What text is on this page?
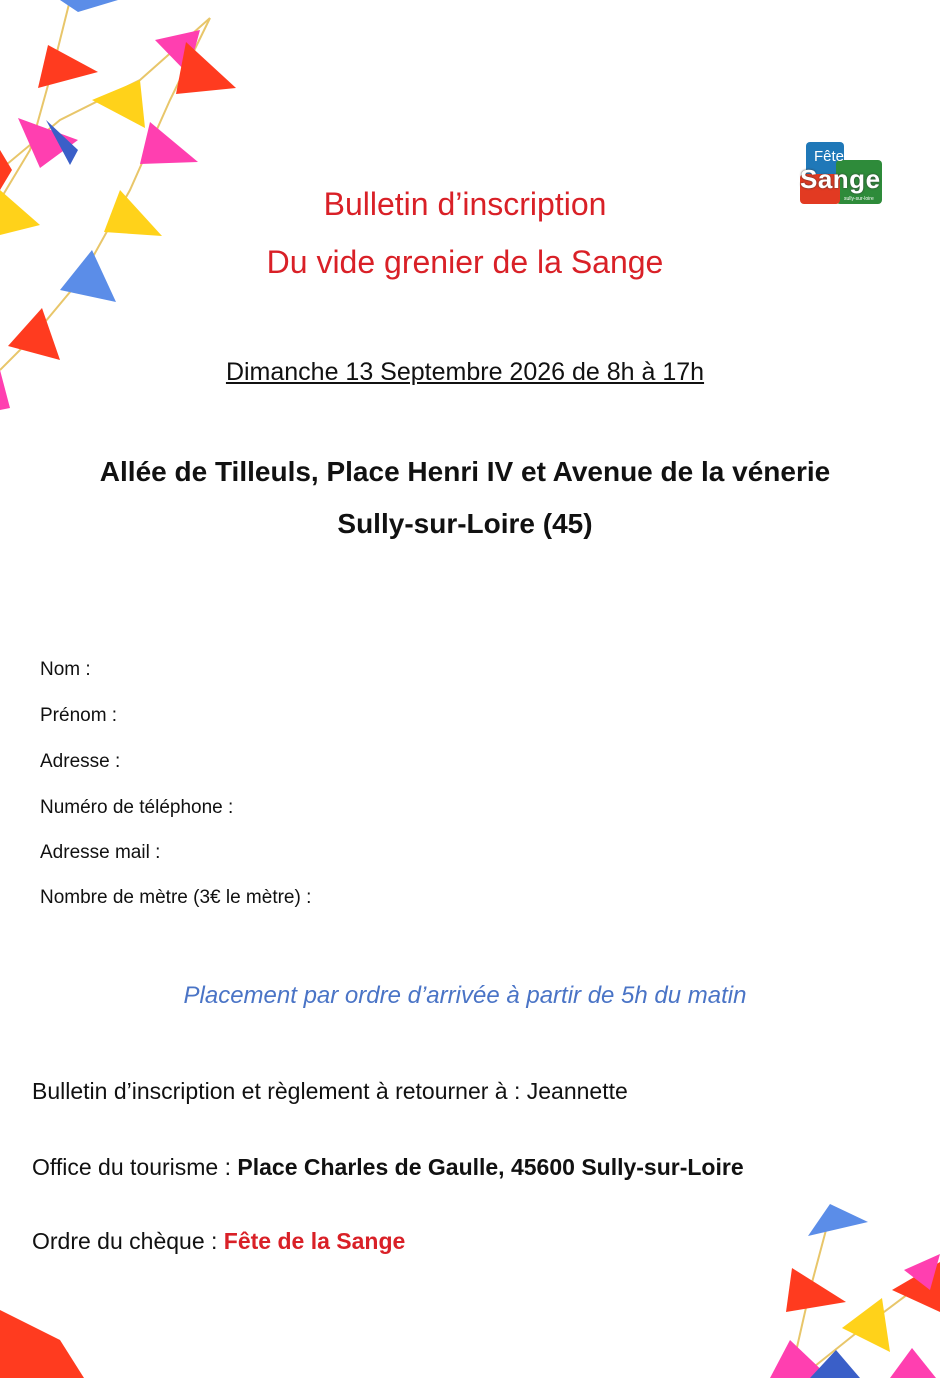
Fête
Sange
sully-sur-loire
Bulletin d’inscription
Du vide grenier de la Sange
Dimanche 13 Septembre 2026 de 8h à 17h
Allée de Tilleuls, Place Henri IV et Avenue de la vénerie
Sully-sur-Loire (45)
Nom :
Prénom :
Adresse :
Numéro de téléphone :
Adresse mail :
Nombre de mètre (3€ le mètre) :
Placement par ordre d’arrivée à partir de 5h du matin
Bulletin d’inscription et règlement à retourner à : Jeannette
Office du tourisme : Place Charles de Gaulle, 45600 Sully-sur-Loire
Ordre du chèque : Fête de la Sange
